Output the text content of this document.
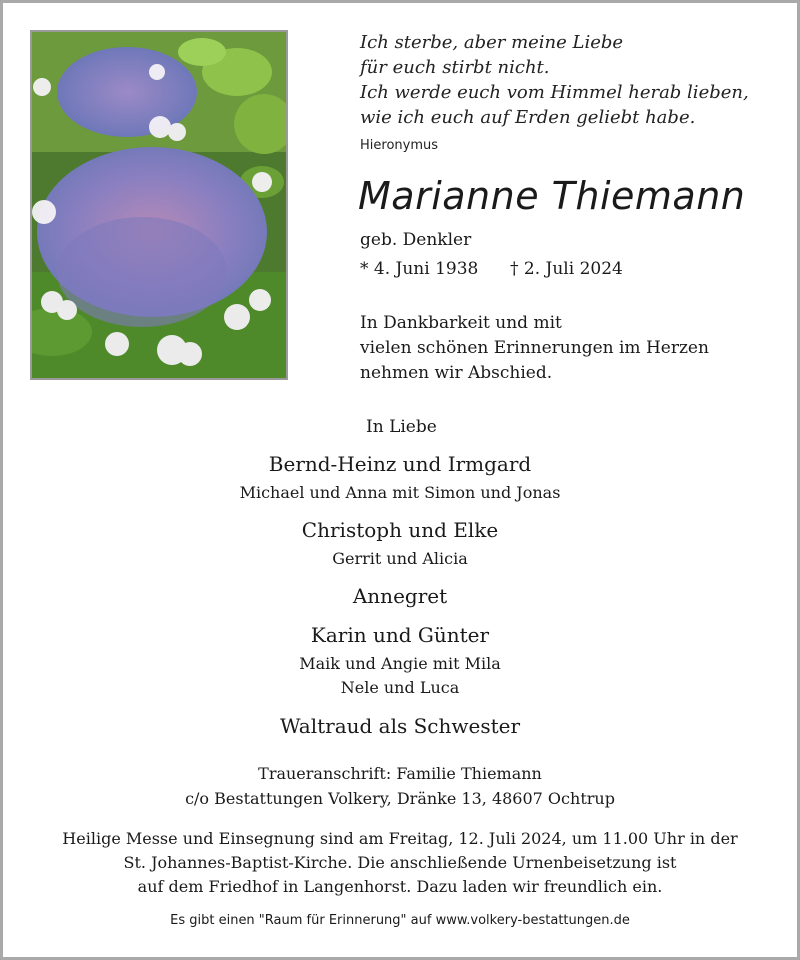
Ich sterbe, aber meine Liebe
für euch stirbt nicht.
Ich werde euch vom Himmel herab lieben,
wie ich euch auf Erden geliebt habe.
Hieronymus
Marianne Thiemann
geb. Denkler
* 4. Juni 1938 † 2. Juli 2024
In Dankbarkeit und mit
vielen schönen Erinnerungen im Herzen
nehmen wir Abschied.
In Liebe
Bernd-Heinz und Irmgard
Michael und Anna mit Simon und Jonas
Christoph und Elke
Gerrit und Alicia
Annegret
Karin und Günter
Maik und Angie mit Mila
Nele und Luca
Waltraud als Schwester
Traueranschrift: Familie Thiemann
c/o Bestattungen Volkery, Dränke 13, 48607 Ochtrup
Heilige Messe und Einsegnung sind am Freitag, 12. Juli 2024, um 11.00 Uhr in der
St. Johannes-Baptist-Kirche. Die anschließende Urnenbeisetzung ist
auf dem Friedhof in Langenhorst. Dazu laden wir freundlich ein.
Es gibt einen "Raum für Erinnerung" auf www.volkery-bestattungen.de
